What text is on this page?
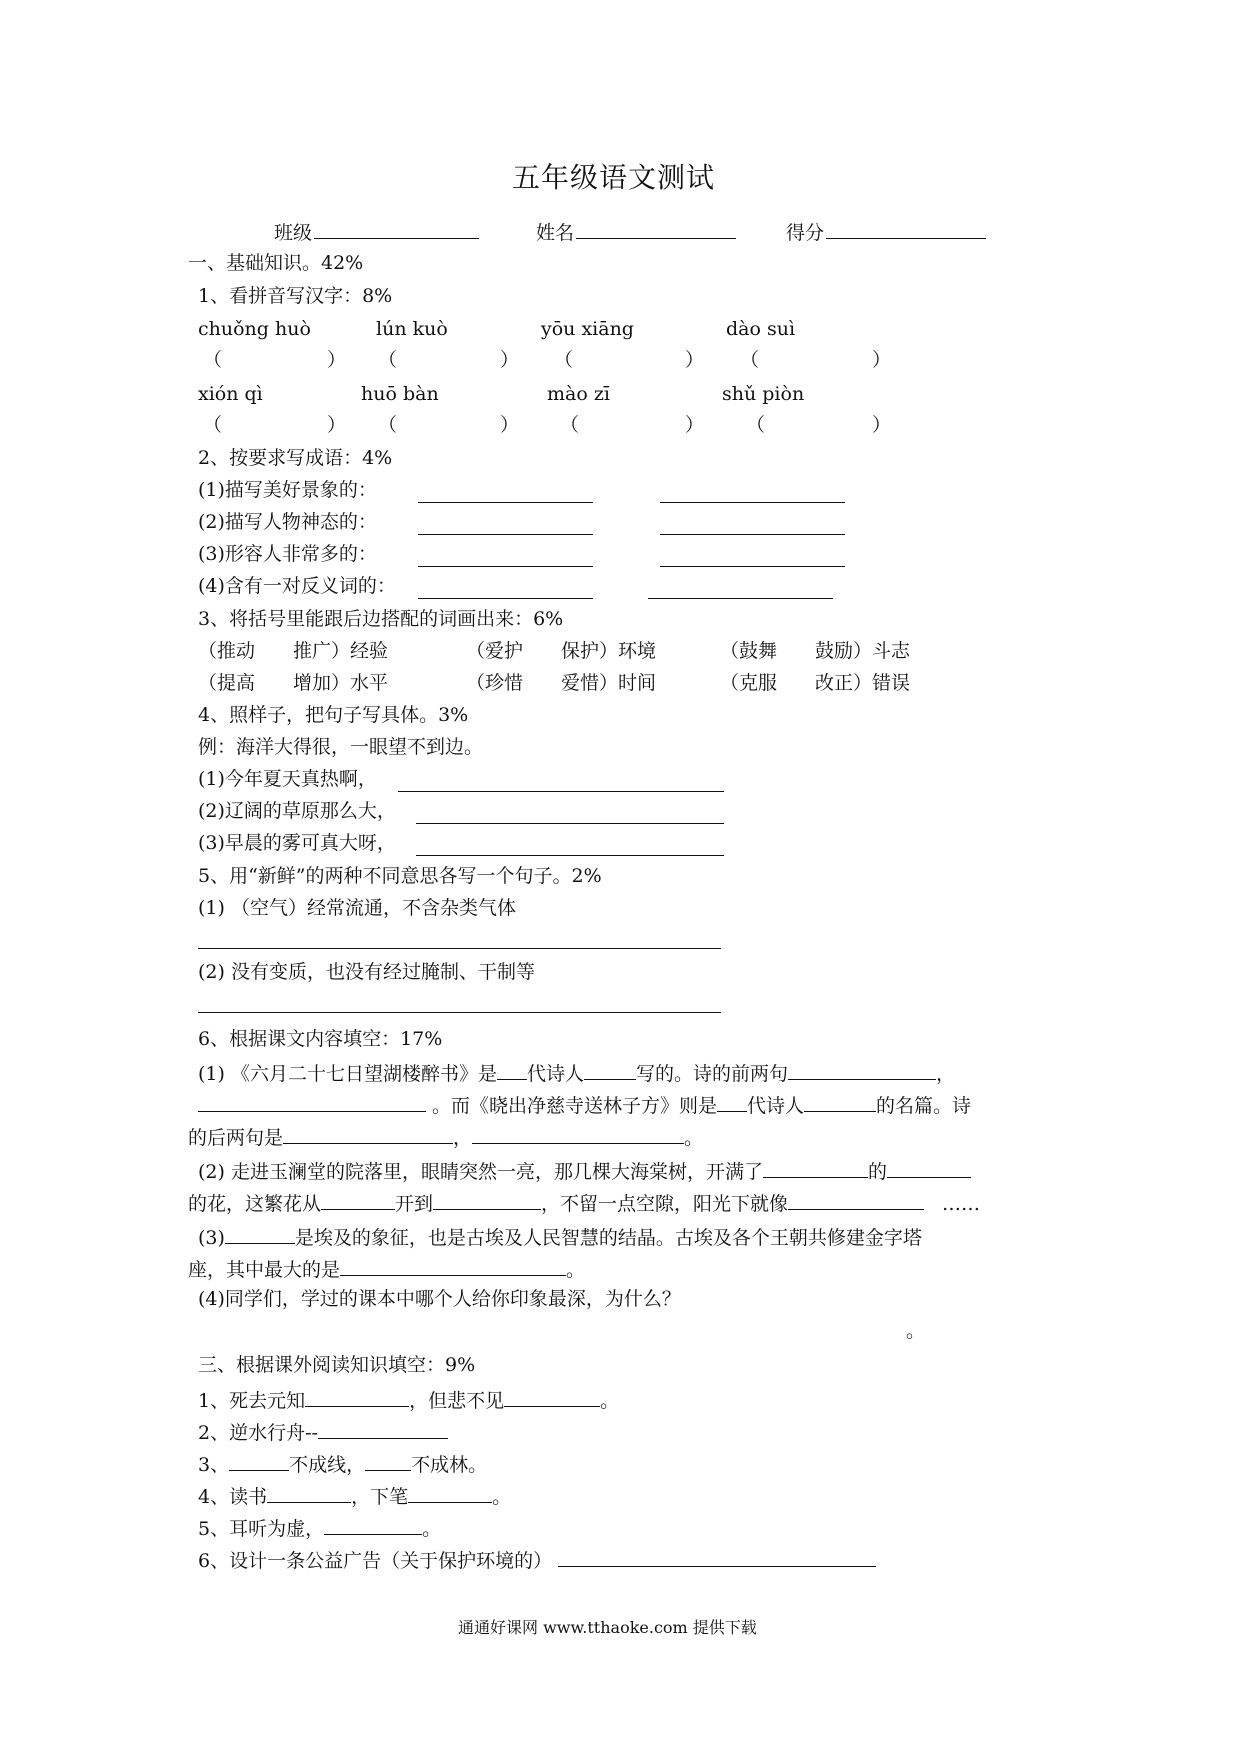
五年级语文测试
班级	姓名	得分
一、基础知识。42%
1、看拼音写汉字：8%
chuǒng huò	lún kuò	yōu xiāng	dào suì
（	） （	） （	） （	）
xión qì	huō bàn	mào zī	shǔ piòn
（	） （	） （	） （	）
2、按要求写成语：4%
(1)描写美好景象的：
(2)描写人物神态的：
(3)形容人非常多的：
(4)含有一对反义词的：
3、将括号里能跟后边搭配的词画出来：6%
（推动　　推广）经验	（爱护　　保护）环境	（鼓舞　　鼓励）斗志
（提高　　增加）水平	（珍惜　　爱惜）时间	（克服　　改正）错误
4、照样子，把句子写具体。3%
例：海洋大得很，一眼望不到边。
(1)今年夏天真热啊，
(2)辽阔的草原那么大，
(3)早晨的雾可真大呀，
5、用“新鲜”的两种不同意思各写一个句子。2%
(1) （空气）经常流通，不含杂类气体
(2) 没有变质，也没有经过腌制、干制等
6、根据课文内容填空：17%
(1) 《六月二十七日望湖楼醉书》是 代诗人	写的。诗的前两句	，
。而《晓出净慈寺送林子方》则是 代诗人	的名篇。诗
的后两句是	，	。
(2) 走进玉澜堂的院落里，眼睛突然一亮，那几棵大海棠树，开满了	的
的花，这繁花从	开到	，不留一点空隙，阳光下就像	……
(3)	是埃及的象征，也是古埃及人民智慧的结晶。古埃及各个王朝共修建金字塔
座，其中最大的是	。
(4)同学们，学过的课本中哪个人给你印象最深，为什么？
。
三、根据课外阅读知识填空：9%
1、死去元知	，但悲不见	。
2、逆水行舟--
3、	不成线， 不成林。
4、读书	，下笔	。
5、耳听为虚，	。
6、设计一条公益广告（关于保护环境的）
通通好课网 www.tthaoke.com 提供下载
